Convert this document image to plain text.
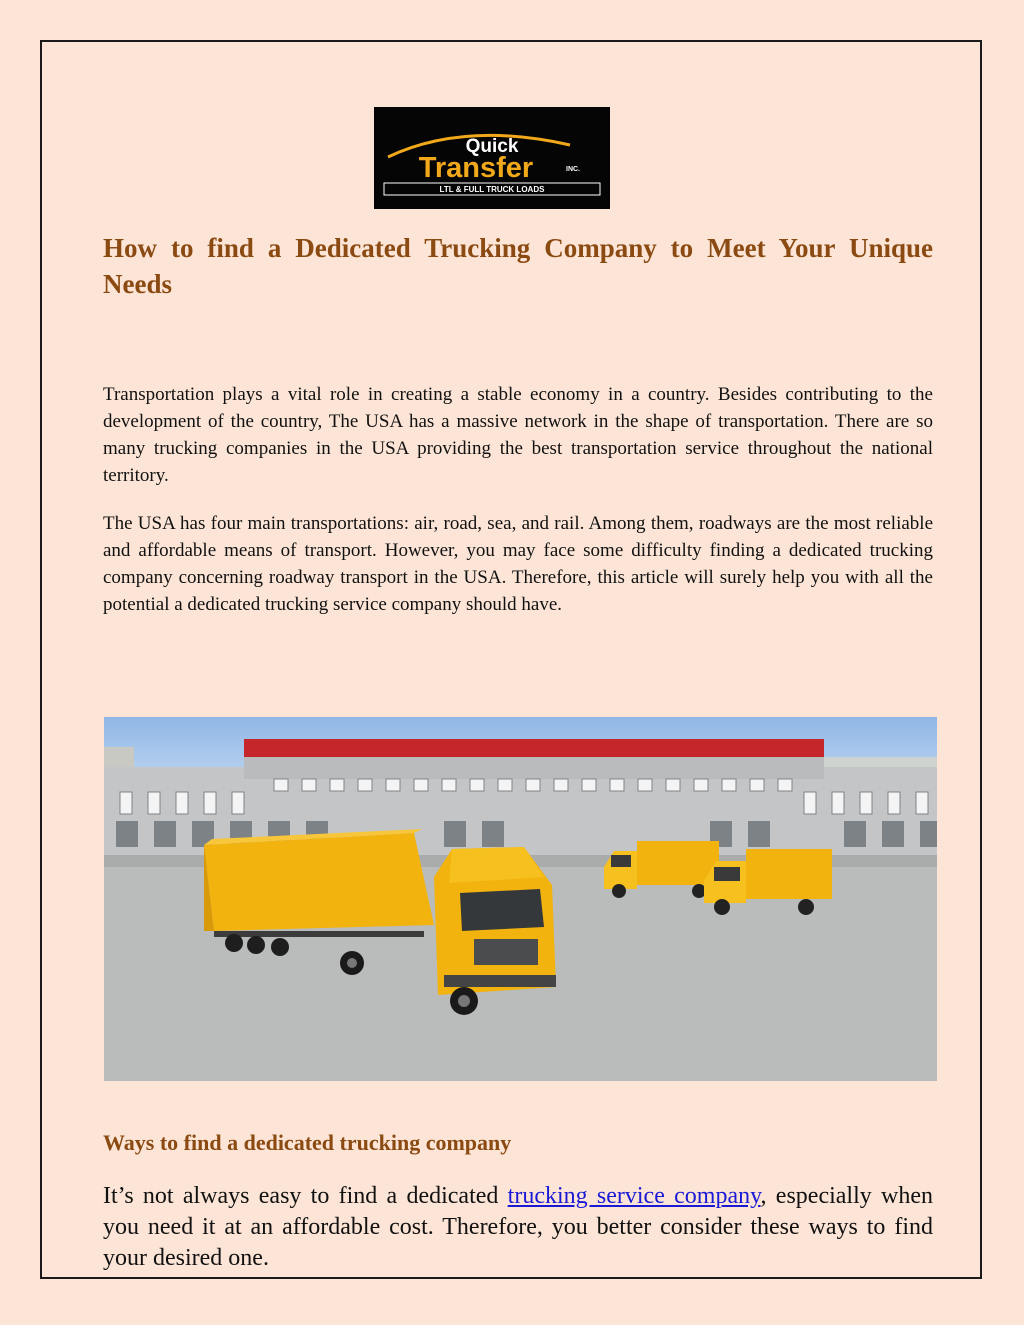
Quick
Transfer	INC.
LTL & FULL TRUCK LOADS
How to find a Dedicated Trucking Company to Meet Your Unique Needs

Transportation plays a vital role in creating a stable economy in a country. Besides contributing to the development of the country, The USA has a massive network in the shape of transportation. There are so many trucking companies in the USA providing the best transportation service throughout the national territory.

The USA has four main transportations: air, road, sea, and rail. Among them, roadways are the most reliable and affordable means of transport. However, you may face some difficulty finding a dedicated trucking company concerning roadway transport in the USA. Therefore, this article will surely help you with all the potential a dedicated trucking service company should have.

Ways to find a dedicated trucking company

It’s not always easy to find a dedicated trucking service company, especially when you need it at an affordable cost. Therefore, you better consider these ways to find your desired one.
